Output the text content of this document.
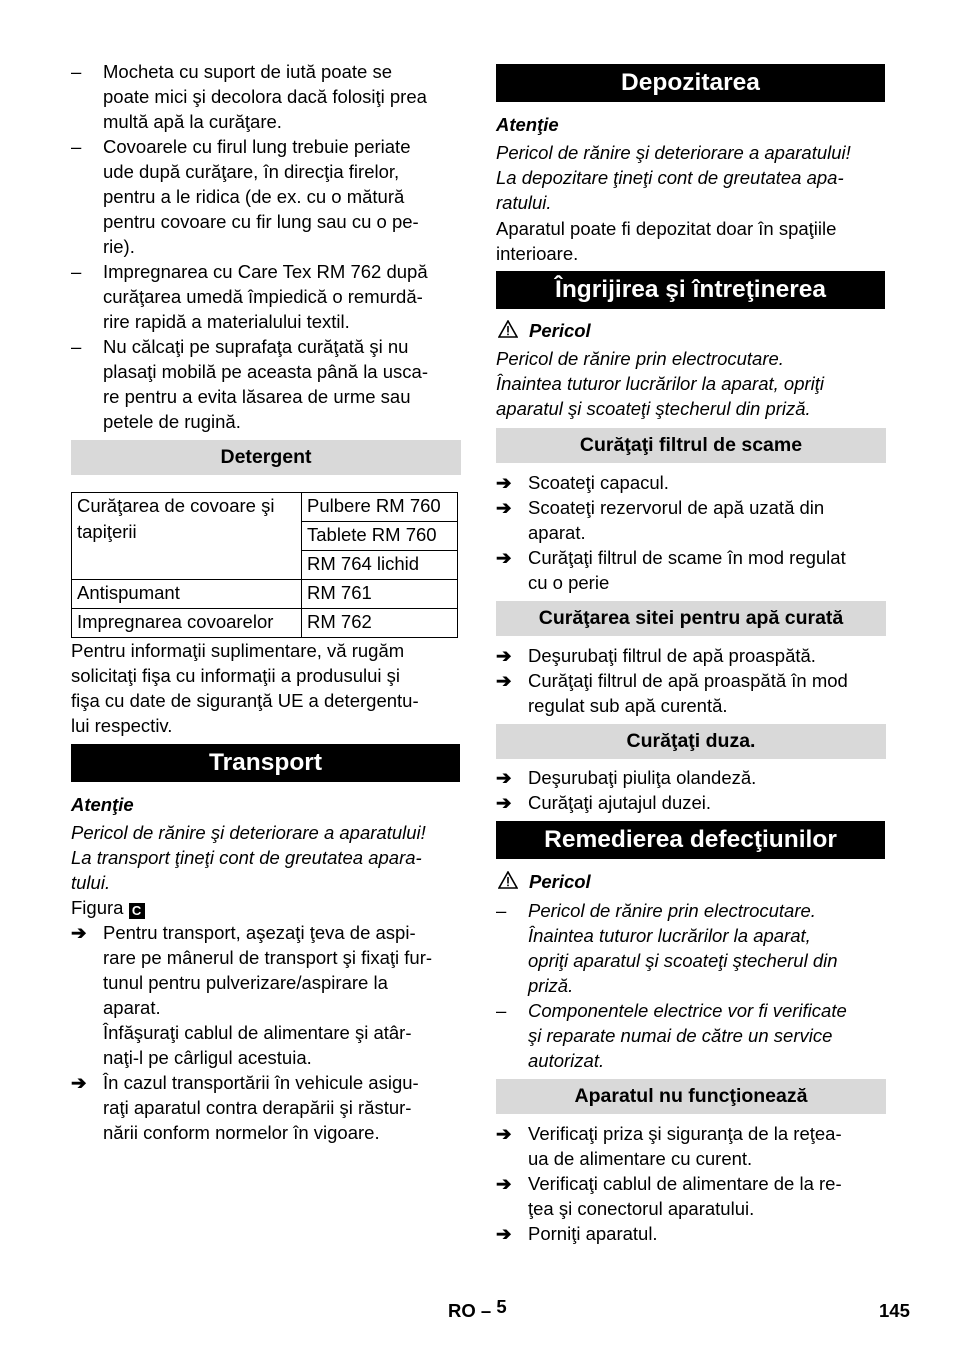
– Mocheta cu suport de iută poate se
poate mici şi decolora dacă folosiţi prea
multă apă la curăţare.
– Covoarele cu firul lung trebuie periate
ude după curăţare, în direcţia firelor,
pentru a le ridica (de ex. cu o mătură
pentru covoare cu fir lung sau cu o pe-
rie).
– Impregnarea cu Care Tex RM 762 după
curăţarea umedă împiedică o remurdă-
rire rapidă a materialului textil.
– Nu călcaţi pe suprafaţa curăţată şi nu
plasaţi mobilă pe aceasta până la usca-
re pentru a evita lăsarea de urme sau
petele de rugină.
Detergent
Curăţarea de covoare şi
tapiţerii	Pulbere RM 760
	Tablete RM 760
	RM 764 lichid
Antispumant	RM 761
Impregnarea covoarelor	RM 762
Pentru informaţii suplimentare, vă rugăm
solicitaţi fişa cu informaţii a produsului şi
fişa cu date de siguranţă UE a detergentu-
lui respectiv.
Transport
Atenţie
Pericol de rănire şi deteriorare a aparatului!
La transport ţineţi cont de greutatea apara-
tului.
Figura C
➔ Pentru transport, aşezaţi ţeva de aspi-
rare pe mânerul de transport şi fixaţi fur-
tunul pentru pulverizare/aspirare la
aparat.
Înfăşuraţi cablul de alimentare şi atâr-
naţi-l pe cârligul acestuia.
➔ În cazul transportării în vehicule asigu-
raţi aparatul contra derapării şi răstur-
nării conform normelor în vigoare.
Depozitarea
Atenţie
Pericol de rănire şi deteriorare a aparatului!
La depozitare ţineţi cont de greutatea apa-
ratului.
Aparatul poate fi depozitat doar în spaţiile
interioare.
Îngrijirea şi întreţinerea
Pericol
Pericol de rănire prin electrocutare.
Înaintea tuturor lucrărilor la aparat, opriţi
aparatul şi scoateţi ştecherul din priză.
Curăţaţi filtrul de scame
➔ Scoateţi capacul.
➔ Scoateţi rezervorul de apă uzată din
aparat.
➔ Curăţaţi filtrul de scame în mod regulat
cu o perie
Curăţarea sitei pentru apă curată
➔ Deşurubaţi filtrul de apă proaspătă.
➔ Curăţaţi filtrul de apă proaspătă în mod
regulat sub apă curentă.
Curăţaţi duza.
➔ Deşurubaţi piuliţa olandeză.
➔ Curăţaţi ajutajul duzei.
Remedierea defecţiunilor
Pericol
– Pericol de rănire prin electrocutare.
Înaintea tuturor lucrărilor la aparat,
opriţi aparatul şi scoateţi ştecherul din
priză.
– Componentele electrice vor fi verificate
şi reparate numai de către un service
autorizat.
Aparatul nu funcţionează
➔ Verificaţi priza şi siguranţa de la reţea-
ua de alimentare cu curent.
➔ Verificaţi cablul de alimentare de la re-
ţea şi conectorul aparatului.
➔ Porniţi aparatul.
RO – 5	145
